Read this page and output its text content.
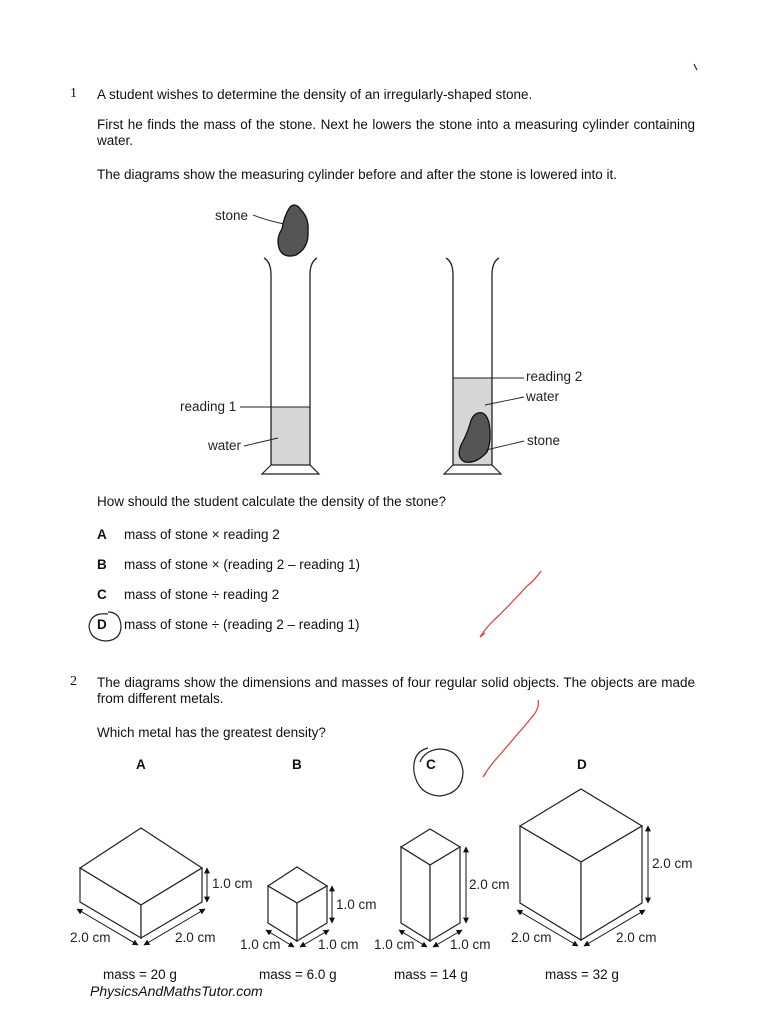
1 A student wishes to determine the density of an irregularly-shaped stone.
First he finds the mass of the stone. Next he lowers the stone into a measuring cylinder containing water.
The diagrams show the measuring cylinder before and after the stone is lowered into it.
stone
reading 1
water
reading 2
water
stone
How should the student calculate the density of the stone?
A mass of stone × reading 2
B mass of stone × (reading 2 – reading 1)
C mass of stone ÷ reading 2
D mass of stone ÷ (reading 2 – reading 1)
2 The diagrams show the dimensions and masses of four regular solid objects. The objects are made from different metals.
Which metal has the greatest density?
A	B	C	D
1.0 cm
2.0 cm	2.0 cm
1.0 cm
1.0 cm	1.0 cm
2.0 cm
1.0 cm	1.0 cm
2.0 cm
2.0 cm	2.0 cm
mass = 20 g	mass = 6.0 g	mass = 14 g	mass = 32 g
PhysicsAndMathsTutor.com
